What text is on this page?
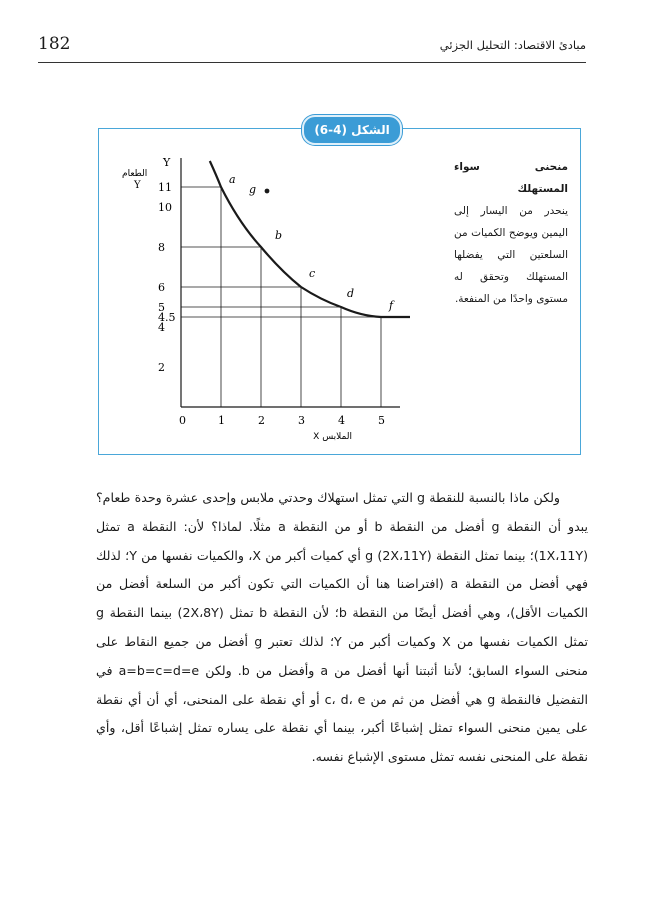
182	مبادئ الاقتصاد: التحليل الجزئي
الشكل (4-6)
Y
الطعام
Y
الملابس X
0	1	2	3	4	5
2
4
4.5
5
6
8
10
11
a
b
c
d
f
g
منحنى سواء المستهلك
ينحدر من اليسار إلى اليمين ويوضح الكميات من السلعتين التي يفضلها المستهلك وتحقق له مستوى واحدًا من المنفعة.

ولكن ماذا بالنسبة للنقطة g التي تمثل استهلاك وحدتي ملابس وإحدى عشرة وحدة طعام؟ يبدو أن النقطة g أفضل من النقطة b أو من النقطة a مثلًا. لماذا؟ لأن: النقطة a تمثل (1X،11Y)؛ بينما تمثل النقطة g (2X،11Y) أي كميات أكبر من X، والكميات نفسها من Y؛ لذلك فهي أفضل من النقطة a (افتراضنا هنا أن الكميات التي تكون أكبر من السلعة أفضل من الكميات الأقل)، وهي أفضل أيضًا من النقطة b؛ لأن النقطة b تمثل (2X،8Y) بينما النقطة g تمثل الكميات نفسها من X وكميات أكبر من Y؛ لذلك تعتبر g أفضل من جميع النقاط على منحنى السواء السابق؛ لأننا أثبتنا أنها أفضل من a وأفضل من b. ولكن a=b=c=d=e في التفضيل فالنقطة g هي أفضل من ثم من c، d، e أو أي نقطة على المنحنى، أي أن أي نقطة على يمين منحنى السواء تمثل إشباعًا أكبر، بينما أي نقطة على يساره تمثل إشباعًا أقل، وأي نقطة على المنحنى نفسه تمثل مستوى الإشباع نفسه.
